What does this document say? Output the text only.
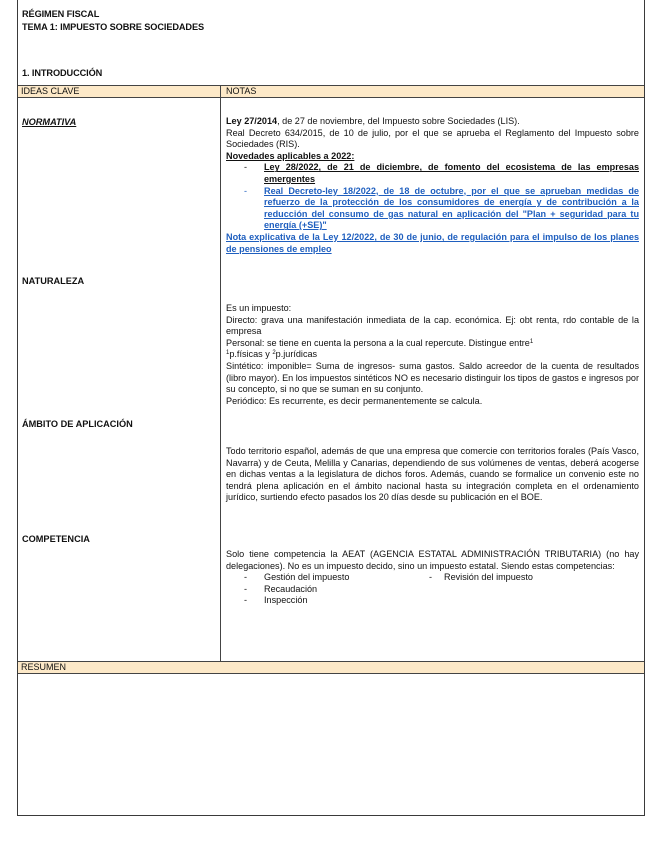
RÉGIMEN FISCAL
TEMA 1: IMPUESTO SOBRE SOCIEDADES
1. INTRODUCCIÓN
IDEAS CLAVE	NOTAS
NORMATIVA
NATURALEZA
ÁMBITO DE APLICACIÓN
COMPETENCIA

Ley 27/2014, de 27 de noviembre, del Impuesto sobre Sociedades (LIS).

Real Decreto 634/2015, de 10 de julio, por el que se aprueba el Reglamento del Impuesto sobre Sociedades (RIS).

Novedades aplicables a 2022:

- Ley 28/2022, de 21 de diciembre, de fomento del ecosistema de las empresas emergentes

- Real Decreto-ley 18/2022, de 18 de octubre, por el que se aprueban medidas de refuerzo de la protección de los consumidores de energía y de contribución a la reducción del consumo de gas natural en aplicación del "Plan + seguridad para tu energía (+SE)"

Nota explicativa de la Ley 12/2022, de 30 de junio, de regulación para el impulso de los planes de pensiones de empleo

Es un impuesto:

Directo: grava una manifestación inmediata de la cap. económica. Ej: obt renta, rdo contable de la empresa

Personal: se tiene en cuenta la persona a la cual repercute. Distingue entre$^1$
$^1$p.físicas y $^2$p.jurídicas

Sintético: imponible= Suma de ingresos- suma gastos. Saldo acreedor de la cuenta de resultados (libro mayor). En los impuestos sintéticos NO es necesario distinguir los tipos de gastos e ingresos por su concepto, si no que se suman en su conjunto.

Periódico: Es recurrente, es decir permanentemente se calcula.

Todo territorio español, además de que una empresa que comercie con territorios forales (País Vasco, Navarra) y de Ceuta, Melilla y Canarias, dependiendo de sus volúmenes de ventas, deberá acogerse en dichas ventas a la legislatura de dichos foros. Además, cuando se formalice un convenio este no tendrá plena aplicación en el ámbito nacional hasta su integración completa en el ordenamiento jurídico, surtiendo efecto pasados los 20 días desde su publicación en el BOE.

Solo tiene competencia la AEAT (AGENCIA ESTATAL ADMINISTRACIÓN TRIBUTARIA) (no hay delegaciones). No es un impuesto decido, sino un impuesto estatal. Siendo estas competencias:

- Gestión del impuesto	- Revisión del impuesto
- Recaudación
- Inspección
RESUMEN
